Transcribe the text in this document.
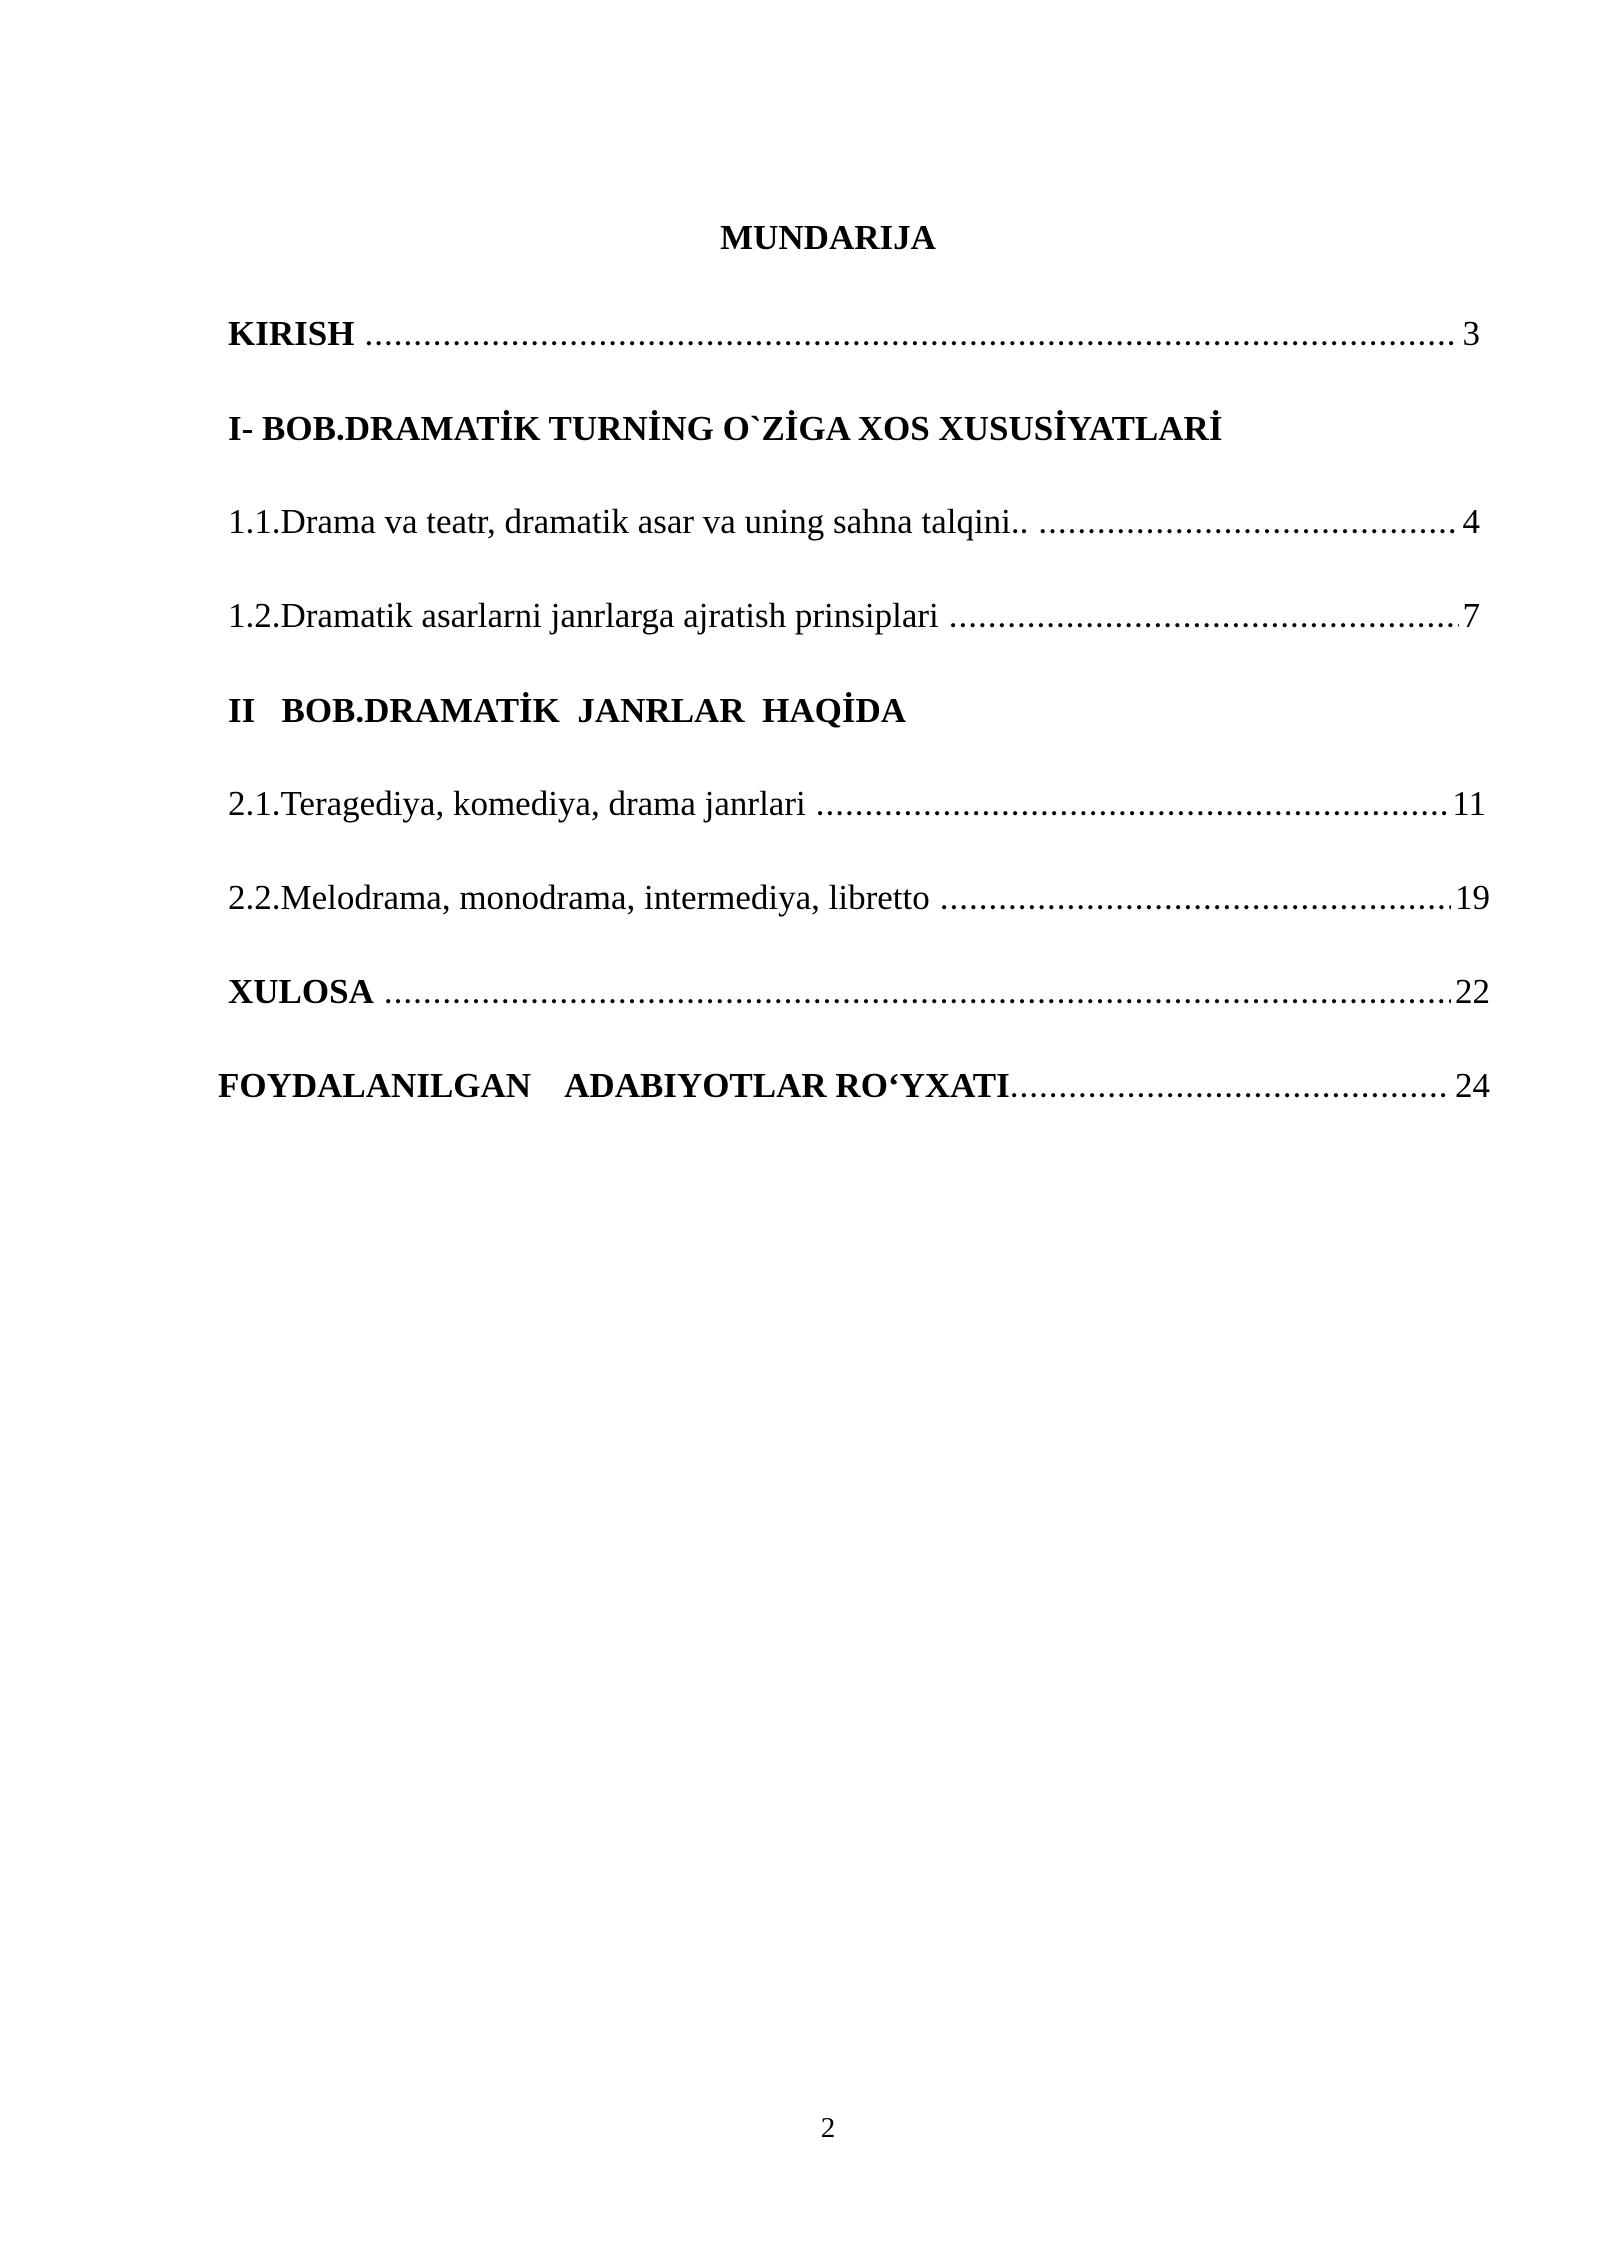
MUNDARIJA
KIRISH .....	3
I- BOB.DRAMATİK TURNİNG O`ZİGA XOS XUSUSİYATLARİ
1.1.Drama va teatr, dramatik asar va uning sahna talqini.. .....	4
1.2.Dramatik asarlarni janrlarga ajratish prinsiplari .....	7
II   BOB.DRAMATİK  JANRLAR  HAQİDA
2.1.Teragediya, komediya, drama janrlari .....	11
2.2.Melodrama, monodrama, intermediya, libretto .....	19
XULOSA .....	22
FOYDALANILGAN    ADABIYOTLAR RO‘YXATI .....	24
2
